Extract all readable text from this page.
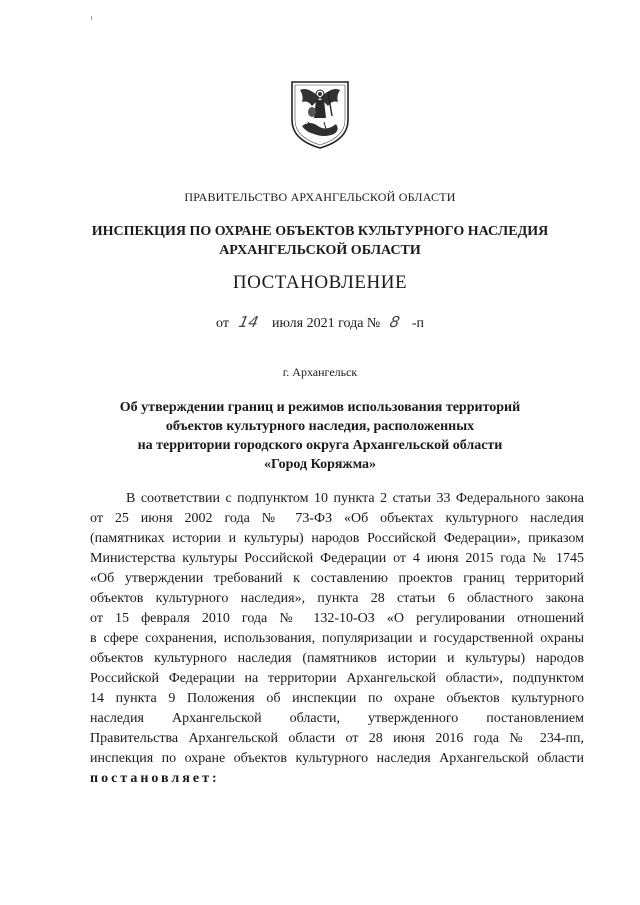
ПРАВИТЕЛЬСТВО АРХАНГЕЛЬСКОЙ ОБЛАСТИ
ИНСПЕКЦИЯ ПО ОХРАНЕ ОБЪЕКТОВ КУЛЬТУРНОГО НАСЛЕДИЯ
АРХАНГЕЛЬСКОЙ ОБЛАСТИ
ПОСТАНОВЛЕНИЕ
от 14 июля 2021 года № 8 -п
г. Архангельск
Об утверждении границ и режимов использования территорий
объектов культурного наследия, расположенных
на территории городского округа Архангельской области
«Город Коряжма»
В соответствии с подпунктом 10 пункта 2 статьи 33 Федерального закона
от 25 июня 2002 года № 73-ФЗ «Об объектах культурного наследия
(памятниках истории и культуры) народов Российской Федерации», приказом
Министерства культуры Российской Федерации от 4 июня 2015 года № 1745
«Об утверждении требований к составлению проектов границ территорий
объектов культурного наследия», пункта 28 статьи 6 областного закона
от 15 февраля 2010 года № 132-10-ОЗ «О регулировании отношений
в сфере сохранения, использования, популяризации и государственной охраны
объектов культурного наследия (памятников истории и культуры) народов
Российской Федерации на территории Архангельской области», подпунктом
14 пункта 9 Положения об инспекции по охране объектов культурного
наследия Архангельской области, утвержденного постановлением
Правительства Архангельской области от 28 июня 2016 года № 234-пп,
инспекция по охране объектов культурного наследия Архангельской области
постановляет:
